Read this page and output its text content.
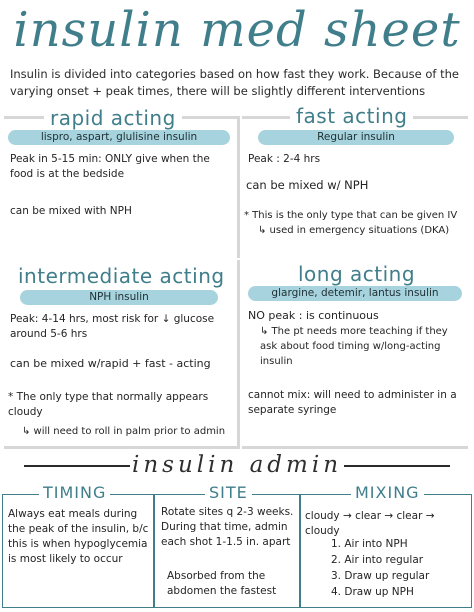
insulin med sheet
Insulin is divided into categories based on how fast they work. Because of the varying onset + peak times, there will be slightly different interventions
rapid acting
lispro, aspart, glulisine insulin
Peak in 5-15 min: ONLY give when the food is at the bedside
can be mixed with NPH
fast acting
Regular insulin
Peak : 2-4 hrs
can be mixed w/ NPH
* This is the only type that can be given IV
↳ used in emergency situations (DKA)
intermediate acting
NPH insulin
Peak: 4-14 hrs, most risk for ↓ glucose around 5-6 hrs
can be mixed w/rapid + fast - acting
* The only type that normally appears cloudy
↳ will need to roll in palm prior to admin
long acting
glargine, detemir, lantus insulin
NO peak : is continuous
↳ The pt needs more teaching if they ask about food timing w/long-acting insulin
cannot mix: will need to administer in a separate syringe
insulin admin
TIMING
Always eat meals during the peak of the insulin, b/c this is when hypoglycemia is most likely to occur
SITE
Rotate sites q 2-3 weeks. During that time, admin each shot 1-1.5 in. apart
Absorbed from the abdomen the fastest
MIXING
cloudy → clear → clear → cloudy
1. Air into NPH
2. Air into regular
3. Draw up regular
4. Draw up NPH
